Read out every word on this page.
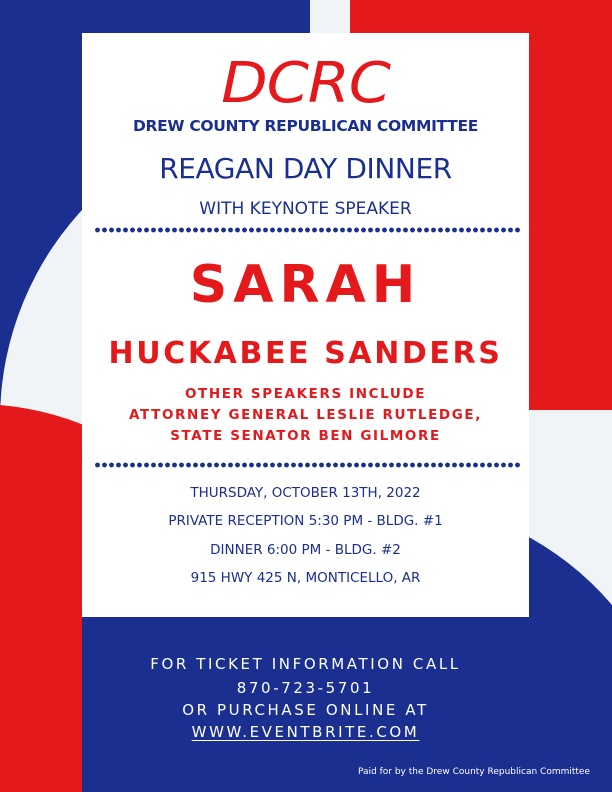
DCRC
DREW COUNTY REPUBLICAN COMMITTEE
REAGAN DAY DINNER
WITH KEYNOTE SPEAKER
SARAH
HUCKABEE SANDERS
OTHER SPEAKERS INCLUDE
ATTORNEY GENERAL LESLIE RUTLEDGE,
STATE SENATOR BEN GILMORE
THURSDAY, OCTOBER 13TH, 2022
PRIVATE RECEPTION 5:30 PM - BLDG. #1
DINNER 6:00 PM - BLDG. #2
915 HWY 425 N, MONTICELLO, AR
FOR TICKET INFORMATION CALL
870-723-5701
OR PURCHASE ONLINE AT
WWW.EVENTBRITE.COM
Paid for by the Drew County Republican Committee
